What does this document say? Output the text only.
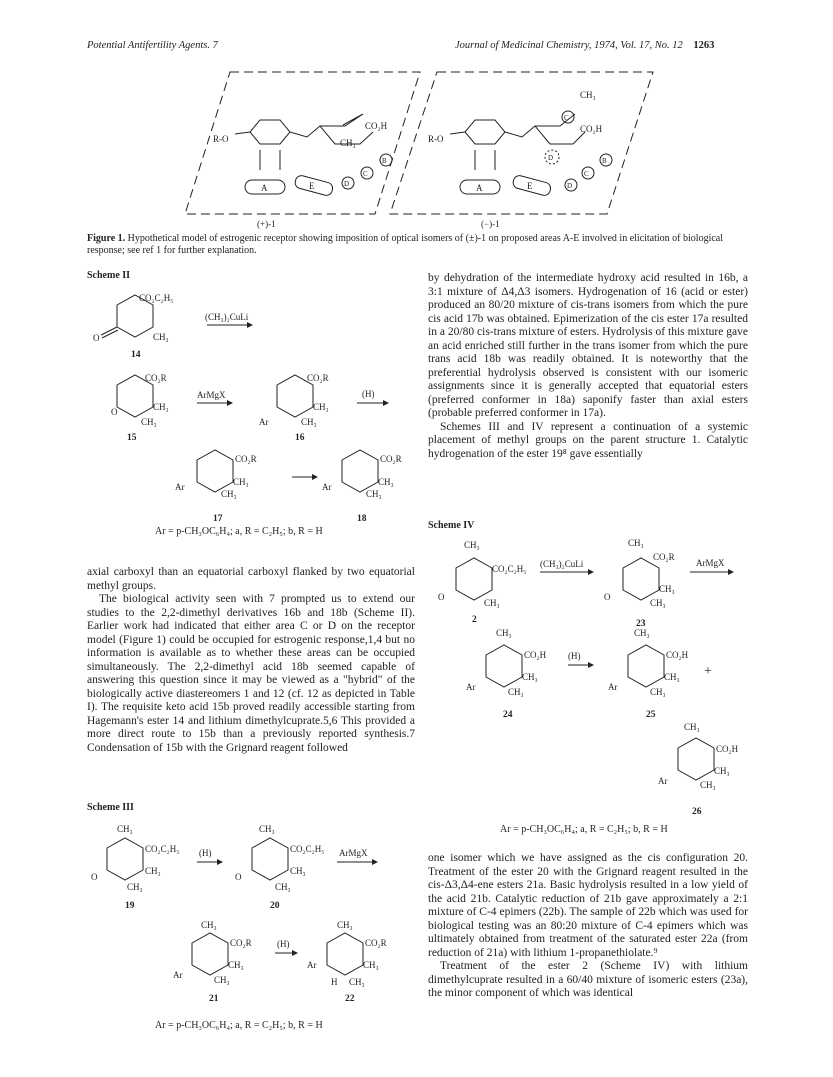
Potential Antifertility Agents. 7	Journal of Medicinal Chemistry, 1974, Vol. 17, No. 12 1263
R-O
CO₂H
CH₃
A	E	D
C
B
R-O
CH₃
CO₂H
C
D
A	E	D
C
B
(+)-1	(−)-1
Figure 1. Hypothetical model of estrogenic receptor showing imposition of optical isomers of (±)-1 on proposed areas A-E involved in elicitation of biological response; see ref 1 for further explanation.
Scheme II
CO₂C₂H₅
CH₃
O
14
(CH₃)₂CuLi
CO₂R
CH₃
CH₃
O
15
ArMgX
CO₂R
CH₃
CH₃
Ar
16
(H)
CO₂R
CH₃
CH₃
Ar
17
CO₂R
CH₃
CH₃
Ar
18
Ar = p-CH₃OC₆H₄; a, R = C₂H₅; b, R = H

axial carboxyl than an equatorial carboxyl flanked by two equatorial methyl groups.

The biological activity seen with 7 prompted us to extend our studies to the 2,2-dimethyl derivatives 16b and 18b (Scheme II). Earlier work had indicated that either area C or D on the receptor model (Figure 1) could be occupied for estrogenic response,1,4 but no information is available as to whether these areas can be occupied simultaneously. The 2,2-dimethyl acid 18b seemed capable of answering this question since it may be viewed as a "hybrid" of the biologically active diastereomers 1 and 12 (cf. 12 as depicted in Table I). The requisite keto acid 15b proved readily accessible starting from Hagemann's ester 14 and lithium dimethylcuprate.5,6 This provided a more direct route to 15b than a previously reported synthesis.7 Condensation of 15b with the Grignard reagent followed

Scheme III
CH₃
CO₂C₂H₅
CH₃
CH₃
O
19
(H)
CH₃
CO₂C₂H₅
CH₃
CH₃
O
20
ArMgX
CH₃
CO₂R
CH₃
CH₃
Ar
21
(H)
CH₃
CO₂R
CH₃
CH₃
H
Ar
22
Ar = p-CH₃OC₆H₄; a, R = C₂H₅; b, R = H

by dehydration of the intermediate hydroxy acid resulted in 16b, a 3:1 mixture of Δ4,Δ3 isomers. Hydrogenation of 16 (acid or ester) produced an 80/20 mixture of cis-trans isomers from which the pure cis acid 17b was obtained. Epimerization of the cis ester 17a resulted in a 20/80 cis-trans mixture of esters. Hydrolysis of this mixture gave an acid enriched still further in the trans isomer from which the pure trans acid 18b was readily obtained. It is noteworthy that the preferential hydrolysis observed is consistent with our isomeric assignments since it is generally accepted that equatorial esters (preferred conformer in 18a) saponify faster than axial esters (probable preferred conformer in 17a).

Schemes III and IV represent a continuation of a systemic placement of methyl groups on the parent structure 1. Catalytic hydrogenation of the ester 19⁸ gave essentially

Scheme IV
CH₃
CO₂C₂H₅
CH₃
O
2
(CH₃)₂CuLi
CH₃
CO₂R
CH₃
CH₃
O
23
ArMgX
CH₃
CO₂H
CH₃
CH₃
Ar
24
(H)
CH₃
CO₂H
CH₃
CH₃
Ar
25
+
CH₃
CO₂H
CH₃
CH₃
Ar
26
Ar = p-CH₃OC₆H₄; a, R = C₂H₅; b, R = H

one isomer which we have assigned as the cis configuration 20. Treatment of the ester 20 with the Grignard reagent resulted in the cis-Δ3,Δ4-ene esters 21a. Basic hydrolysis resulted in a low yield of the acid 21b. Catalytic reduction of 21b gave approximately a 2:1 mixture of C-4 epimers (22b). The sample of 22b which was used for biological testing was an 80:20 mixture of C-4 epimers which was ultimately obtained from treatment of the saturated ester 22a (from reduction of 21a) with lithium 1-propanethiolate.⁹

Treatment of the ester 2 (Scheme IV) with lithium dimethylcuprate resulted in a 60/40 mixture of isomeric esters (23a), the minor component of which was identical
